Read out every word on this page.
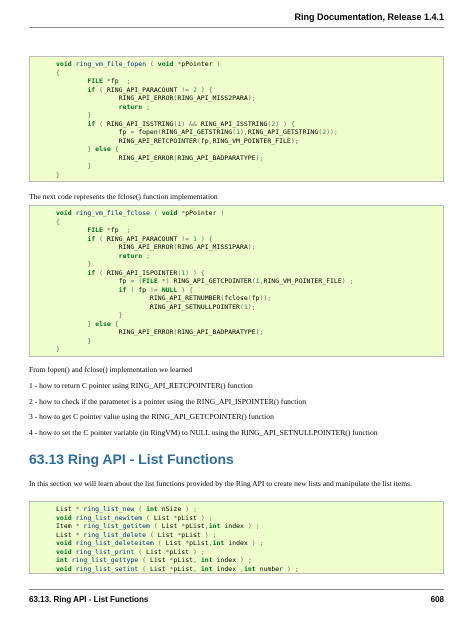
Ring Documentation, Release 1.4.1
void ring_vm_file_fopen ( void *pPointer )
{
FILE *fp  ;
if ( RING_API_PARACOUNT != 2 ) {
RING_API_ERROR(RING_API_MISS2PARA);
return ;
}
if ( RING_API_ISSTRING(1) && RING_API_ISSTRING(2) ) {
fp = fopen(RING_API_GETSTRING(1),RING_API_GETSTRING(2));
RING_API_RETCPOINTER(fp,RING_VM_POINTER_FILE);
} else {
RING_API_ERROR(RING_API_BADPARATYPE);
}
}
The next code represents the fclose() function implementation
void ring_vm_file_fclose ( void *pPointer )
{
FILE *fp  ;
if ( RING_API_PARACOUNT != 1 ) {
RING_API_ERROR(RING_API_MISS1PARA);
return ;
}
if ( RING_API_ISPOINTER(1) ) {
fp = (FILE *) RING_API_GETCPOINTER(1,RING_VM_POINTER_FILE) ;
if ( fp != NULL ) {
RING_API_RETNUMBER(fclose(fp));
RING_API_SETNULLPOINTER(1);
}
} else {
RING_API_ERROR(RING_API_BADPARATYPE);
}
}
From fopen() and fclose() implementation we learned
1 - how to return C pointer using RING_API_RETCPOINTER() function
2 - how to check if the parameter is a pointer using the RING_API_ISPOINTER() function
3 - how to get C pointer value using the RING_API_GETCPOINTER() function
4 - how to set the C pointer variable (in RingVM) to NULL using the RING_API_SETNULLPOINTER() function
63.13 Ring API - List Functions
In this section we will learn about the list functions provided by the Ring API to create new lists and manipulate the list items.
List * ring_list_new ( int nSize ) ;
void ring_list_newitem ( List *pList ) ;
Item * ring_list_getitem ( List *pList,int index ) ;
List * ring_list_delete ( List *pList ) ;
void ring_list_deleteitem ( List *pList,int index ) ;
void ring_list_print ( List *pList ) ;
int ring_list_gettype ( List *pList, int index ) ;
void ring_list_setint ( List *pList, int index ,int number ) ;
63.13. Ring API - List Functions	608
